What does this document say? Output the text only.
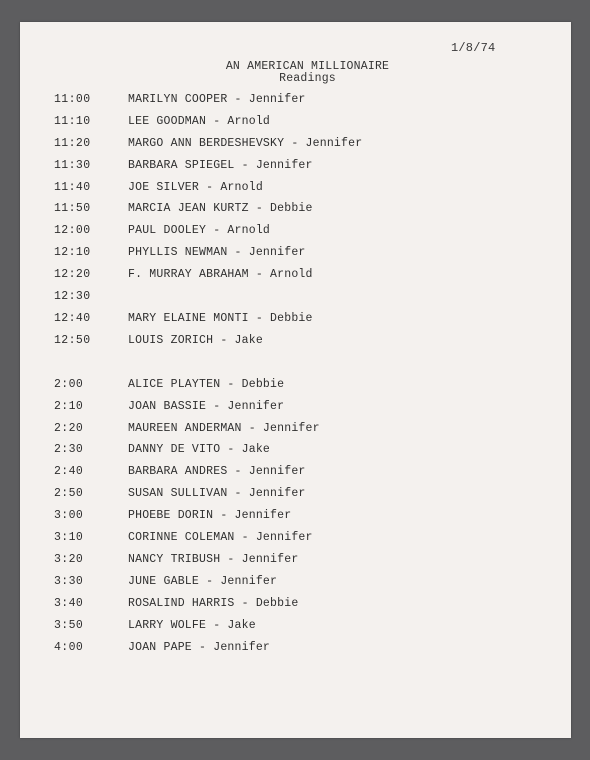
1/8/74
AN AMERICAN MILLIONAIRE
Readings
11:00	MARILYN COOPER - Jennifer
11:10	LEE GOODMAN - Arnold
11:20	MARGO ANN BERDESHEVSKY - Jennifer
11:30	BARBARA SPIEGEL - Jennifer
11:40	JOE SILVER - Arnold
11:50	MARCIA JEAN KURTZ - Debbie
12:00	PAUL DOOLEY - Arnold
12:10	PHYLLIS NEWMAN - Jennifer
12:20	F. MURRAY ABRAHAM - Arnold
12:30
12:40	MARY ELAINE MONTI - Debbie
12:50	LOUIS ZORICH - Jake
2:00	ALICE PLAYTEN - Debbie
2:10	JOAN BASSIE - Jennifer
2:20	MAUREEN ANDERMAN - Jennifer
2:30	DANNY DE VITO - Jake
2:40	BARBARA ANDRES - Jennifer
2:50	SUSAN SULLIVAN - Jennifer
3:00	PHOEBE DORIN - Jennifer
3:10	CORINNE COLEMAN - Jennifer
3:20	NANCY TRIBUSH - Jennifer
3:30	JUNE GABLE - Jennifer
3:40	ROSALIND HARRIS - Debbie
3:50	LARRY WOLFE - Jake
4:00	JOAN PAPE - Jennifer
